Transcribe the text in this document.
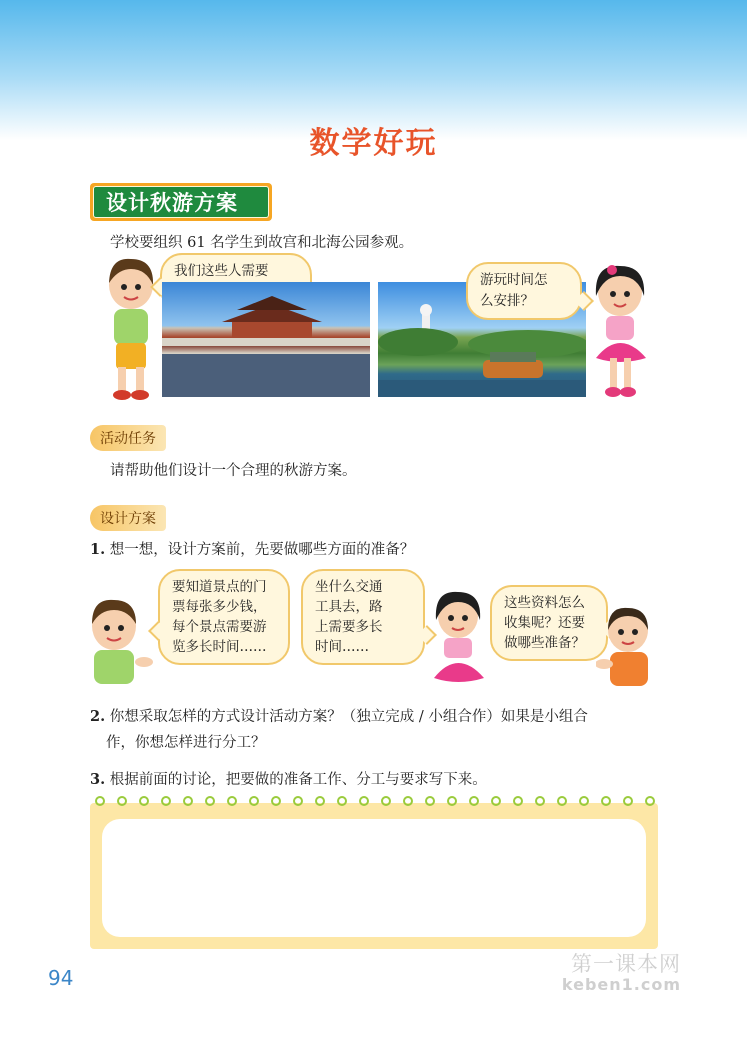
数学好玩
设计秋游方案
学校要组织 61 名学生到故宫和北海公园参观。
我们这些人需要
游玩时间怎
么安排？
活动任务
请帮助他们设计一个合理的秋游方案。
设计方案
1. 想一想，设计方案前，先要做哪些方面的准备？
要知道景点的门
票每张多少钱，
每个景点需要游
览多长时间……
坐什么交通
工具去，路
上需要多长
时间……
这些资料怎么
收集呢？还要
做哪些准备？
2. 你想采取怎样的方式设计活动方案？（独立完成 / 小组合作）如果是小组合
作，你想怎样进行分工？
3. 根据前面的讨论，把要做的准备工作、分工与要求写下来。
94
第一课本网
keben1.com
